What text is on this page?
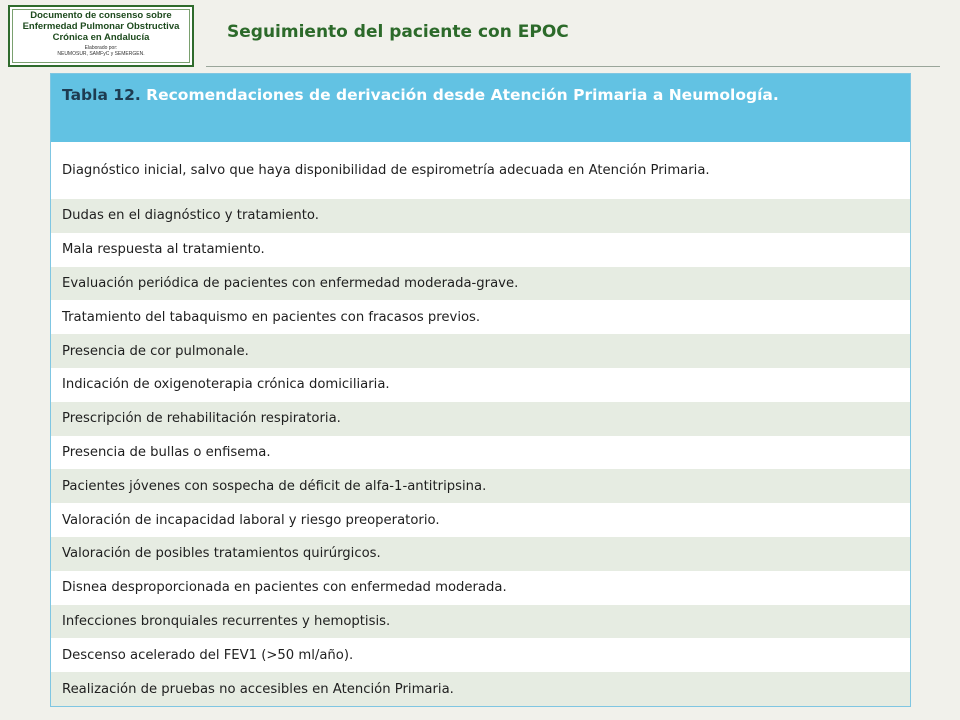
Documento de consenso sobre
Enfermedad Pulmonar Obstructiva
Crónica en Andalucía
Elaborado por:
NEUMOSUR, SAMFyC y SEMERGEN.
Seguimiento del paciente con EPOC
Tabla 12. Recomendaciones de derivación desde Atención Primaria a Neumología.
Diagnóstico inicial, salvo que haya disponibilidad de espirometría adecuada en Atención Primaria.
Dudas en el diagnóstico y tratamiento.
Mala respuesta al tratamiento.
Evaluación periódica de pacientes con enfermedad moderada-grave.
Tratamiento del tabaquismo en pacientes con fracasos previos.
Presencia de cor pulmonale.
Indicación de oxigenoterapia crónica domiciliaria.
Prescripción de rehabilitación respiratoria.
Presencia de bullas o enfisema.
Pacientes jóvenes con sospecha de déficit de alfa-1-antitripsina.
Valoración de incapacidad laboral y riesgo preoperatorio.
Valoración de posibles tratamientos quirúrgicos.
Disnea desproporcionada en pacientes con enfermedad moderada.
Infecciones bronquiales recurrentes y hemoptisis.
Descenso acelerado del FEV1 (>50 ml/año).
Realización de pruebas no accesibles en Atención Primaria.
